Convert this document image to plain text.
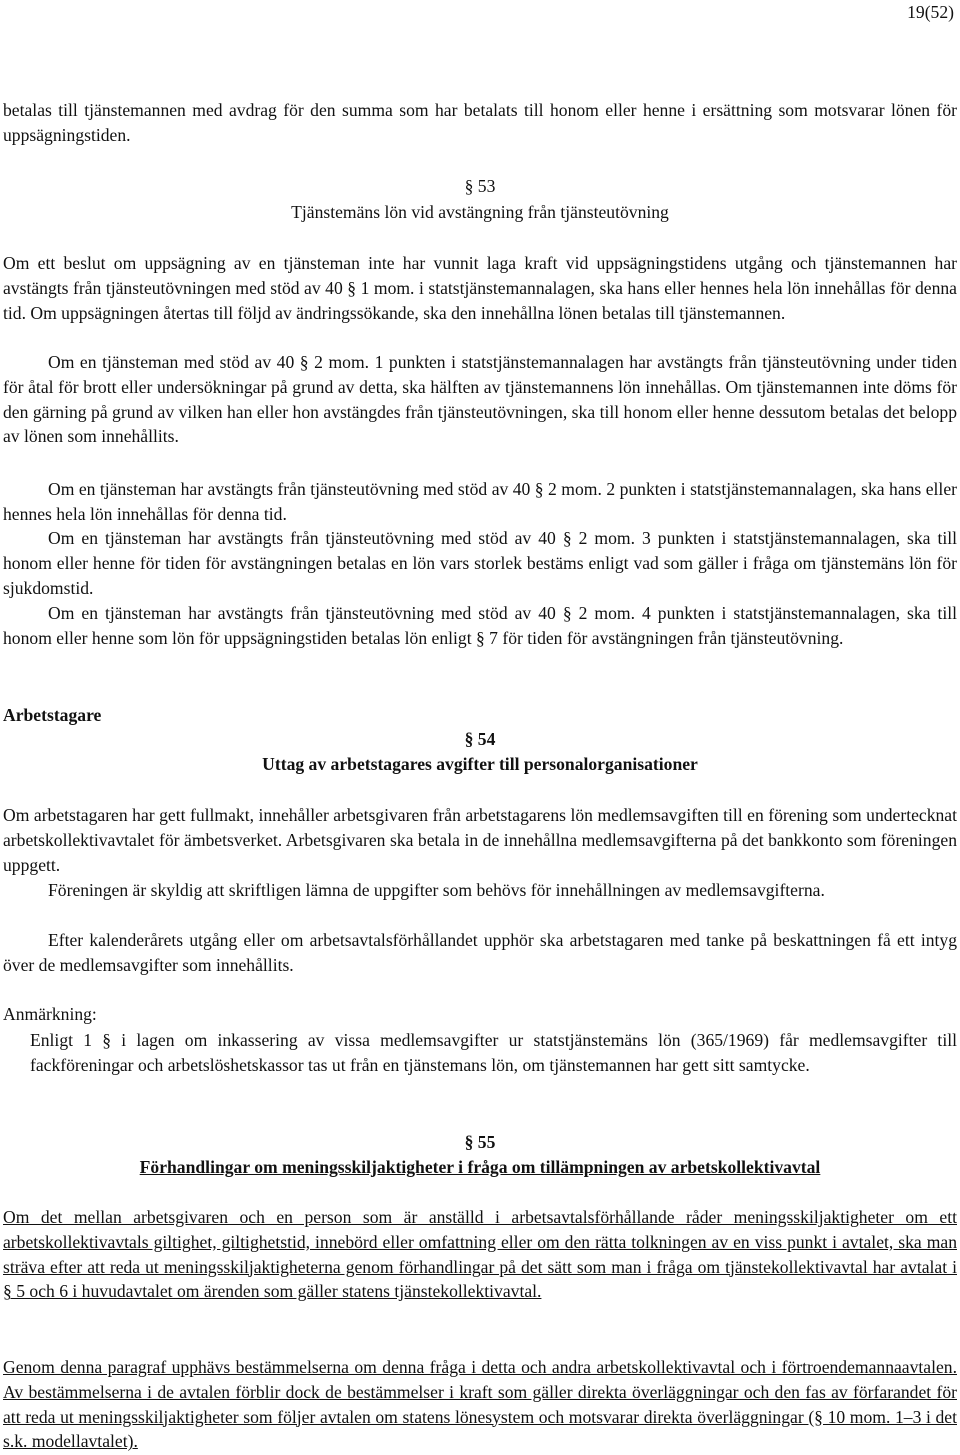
19(52)

betalas till tjänstemannen med avdrag för den summa som har betalats till honom eller henne i ersättning som motsvarar lönen för uppsägningstiden.

§ 53
Tjänstemäns lön vid avstängning från tjänsteutövning

Om ett beslut om uppsägning av en tjänsteman inte har vunnit laga kraft vid uppsägningstidens utgång och tjänstemannen har avstängts från tjänsteutövningen med stöd av 40 § 1 mom. i statstjänstemannalagen, ska hans eller hennes hela lön innehållas för denna tid. Om uppsägningen återtas till följd av ändringssökande, ska den innehållna lönen betalas till tjänstemannen.

Om en tjänsteman med stöd av 40 § 2 mom. 1 punkten i statstjänstemannalagen har avstängts från tjänsteutövning under tiden för åtal för brott eller undersökningar på grund av detta, ska hälften av tjänstemannens lön innehållas. Om tjänstemannen inte döms för den gärning på grund av vilken han eller hon avstängdes från tjänsteutövningen, ska till honom eller henne dessutom betalas det belopp av lönen som innehållits.

Om en tjänsteman har avstängts från tjänsteutövning med stöd av 40 § 2 mom. 2 punkten i statstjänstemannalagen, ska hans eller hennes hela lön innehållas för denna tid.

Om en tjänsteman har avstängts från tjänsteutövning med stöd av 40 § 2 mom. 3 punkten i statstjänstemannalagen, ska till honom eller henne för tiden för avstängningen betalas en lön vars storlek bestäms enligt vad som gäller i fråga om tjänstemäns lön för sjukdomstid.

Om en tjänsteman har avstängts från tjänsteutövning med stöd av 40 § 2 mom. 4 punkten i statstjänstemannalagen, ska till honom eller henne som lön för uppsägningstiden betalas lön enligt § 7 för tiden för avstängningen från tjänsteutövning.

Arbetstagare
§ 54
Uttag av arbetstagares avgifter till personalorganisationer

Om arbetstagaren har gett fullmakt, innehåller arbetsgivaren från arbetstagarens lön medlemsavgiften till en förening som undertecknat arbetskollektivavtalet för ämbetsverket. Arbetsgivaren ska betala in de innehållna medlemsavgifterna på det bankkonto som föreningen uppgett.

Föreningen är skyldig att skriftligen lämna de uppgifter som behövs för innehållningen av medlemsavgifterna.

Efter kalenderårets utgång eller om arbetsavtalsförhållandet upphör ska arbetstagaren med tanke på beskattningen få ett intyg över de medlemsavgifter som innehållits.

Anmärkning:

Enligt 1 § i lagen om inkassering av vissa medlemsavgifter ur statstjänstemäns lön (365/1969) får medlemsavgifter till fackföreningar och arbetslöshetskassor tas ut från en tjänstemans lön, om tjänstemannen har gett sitt samtycke.

§ 55
Förhandlingar om meningsskiljaktigheter i fråga om tillämpningen av arbetskollektivavtal

Om det mellan arbetsgivaren och en person som är anställd i arbetsavtalsförhållande råder meningsskiljaktigheter om ett arbetskollektivavtals giltighet, giltighetstid, innebörd eller omfattning eller om den rätta tolkningen av en viss punkt i avtalet, ska man sträva efter att reda ut meningsskiljaktigheterna genom förhandlingar på det sätt som man i fråga om tjänstekollektivavtal har avtalat i § 5 och 6 i huvudavtalet om ärenden som gäller statens tjänstekollektivavtal.

Genom denna paragraf upphävs bestämmelserna om denna fråga i detta och andra arbetskollektivavtal och i förtroendemannaavtalen. Av bestämmelserna i de avtalen förblir dock de bestämmelser i kraft som gäller direkta överläggningar och den fas av förfarandet för att reda ut meningsskiljaktigheter som följer avtalen om statens lönesystem och motsvarar direkta överläggningar (§ 10 mom. 1–3 i det s.k. modellavtalet).
